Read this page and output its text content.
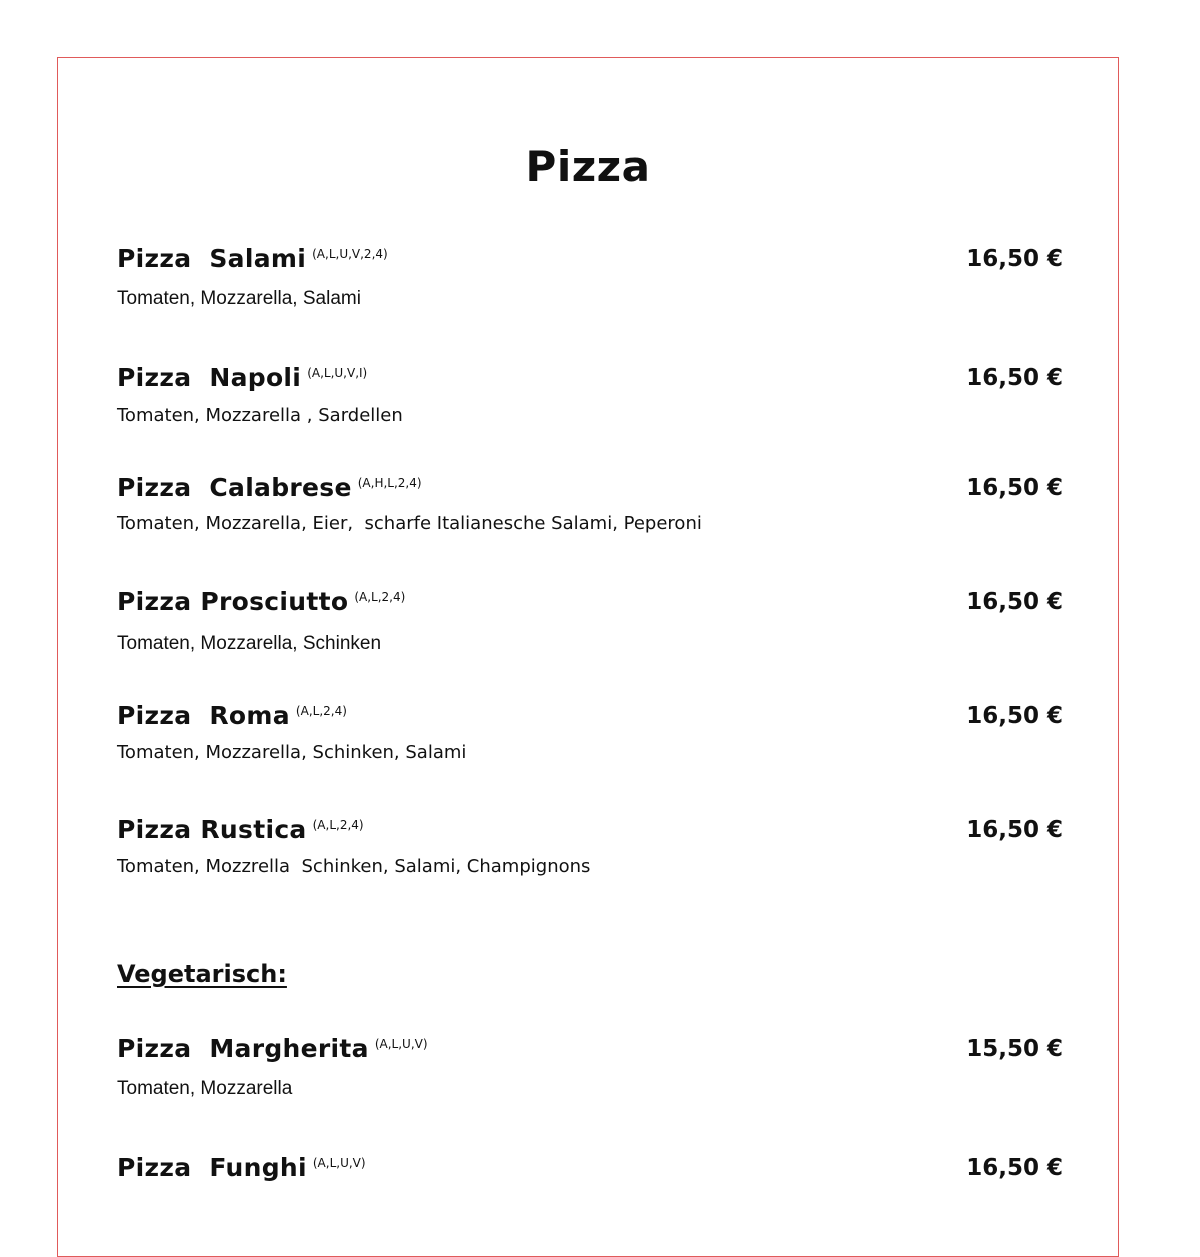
Pizza
Pizza  Salami $^{(A,L,U,V,2,4)}$	16,50 €
Tomaten, Mozzarella, Salami
Pizza  Napoli $^{(A,L,U,V,I)}$	16,50 €
Tomaten, Mozzarella , Sardellen
Pizza  Calabrese $^{(A,H,L,2,4)}$	16,50 €
Tomaten, Mozzarella, Eier,  scharfe Italianesche Salami, Peperoni
Pizza Prosciutto $^{(A,L,2,4)}$	16,50 €
Tomaten, Mozzarella, Schinken
Pizza  Roma $^{(A,L,2,4)}$	16,50 €
Tomaten, Mozzarella, Schinken, Salami
Pizza Rustica $^{(A,L,2,4)}$	16,50 €
Tomaten, Mozzrella  Schinken, Salami, Champignons
Vegetarisch:
Pizza  Margherita $^{(A,L,U,V)}$	15,50 €
Tomaten, Mozzarella
Pizza  Funghi $^{(A,L,U,V)}$	16,50 €
